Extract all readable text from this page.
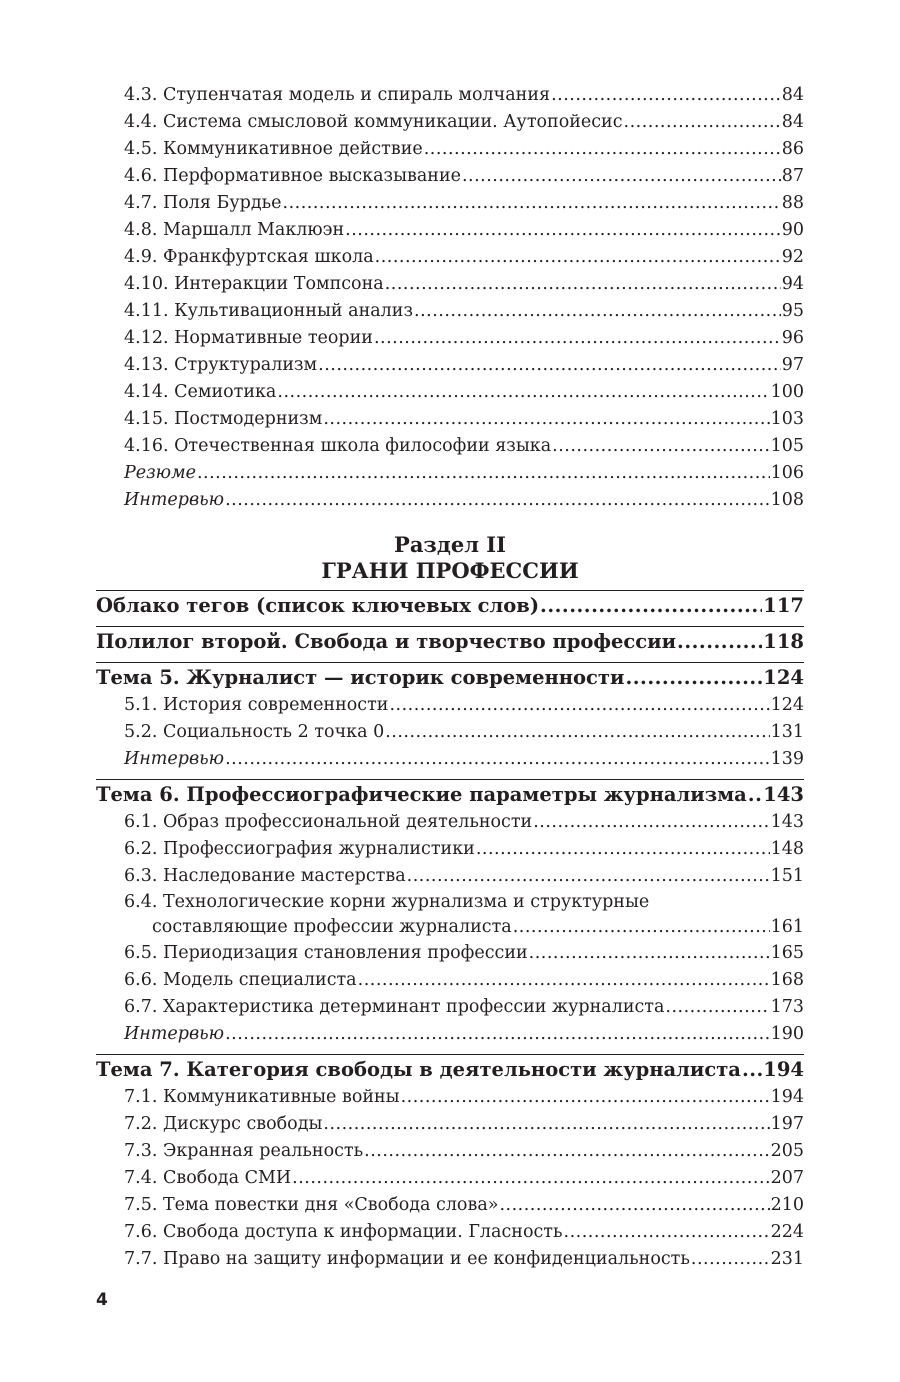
4.3. Ступенчатая модель и спираль молчания .....	84
4.4. Система смысловой коммуникации. Аутопойесис .....	84
4.5. Коммуникативное действие .....	86
4.6. Перформативное высказывание .....	87
4.7. Поля Бурдье .....	88
4.8. Маршалл Маклюэн .....	90
4.9. Франкфуртская школа .....	92
4.10. Интеракции Томпсона .....	94
4.11. Культивационный анализ .....	95
4.12. Нормативные теории .....	96
4.13. Структурализм .....	97
4.14. Семиотика .....	100
4.15. Постмодернизм .....	103
4.16. Отечественная школа философии языка .....	105
Резюме .....	106
Интервью .....	108
Раздел II
ГРАНИ ПРОФЕССИИ
Облако тегов (список ключевых слов) .....	117
Полилог второй. Свобода и творчество профессии .....	118
Тема 5. Журналист — историк современности .....	124
5.1. История современности .....	124
5.2. Социальность 2 точка 0 .....	131
Интервью .....	139
Тема 6. Профессиографические параметры журнализма ..... 143
6.1. Образ профессиональной деятельности .....	143
6.2. Профессиография журналистики .....	148
6.3. Наследование мастерства .....	151
6.4. Технологические корни журнализма и структурные
составляющие профессии журналиста .....	161
6.5. Периодизация становления профессии .....	165
6.6. Модель специалиста .....	168
6.7. Характеристика детерминант профессии журналиста .....	173
Интервью .....	190
Тема 7. Категория свободы в деятельности журналиста ..... 194
7.1. Коммуникативные войны .....	194
7.2. Дискурс свободы .....	197
7.3. Экранная реальность .....	205
7.4. Свобода СМИ .....	207
7.5. Тема повестки дня «Свобода слова» .....	210
7.6. Свобода доступа к информации. Гласность .....	224
7.7. Право на защиту информации и ее конфиденциальность .....	231
4
